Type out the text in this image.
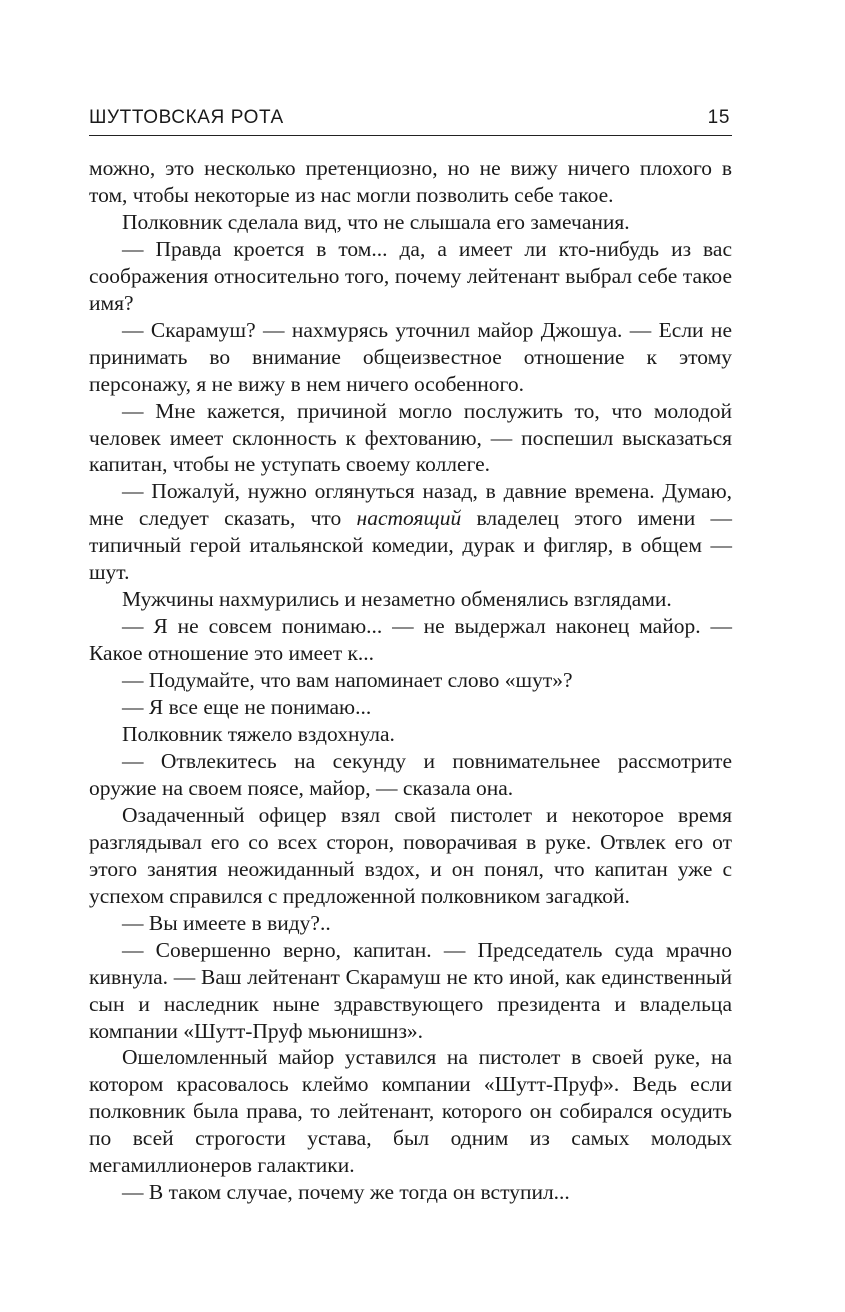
ШУТТОВСКАЯ РОТА	15

можно, это несколько претенциозно, но не вижу ничего плохого в том, чтобы некоторые из нас могли позволить себе такое.

Полковник сделала вид, что не слышала его замечания.

— Правда кроется в том... да, а имеет ли кто-нибудь из вас соображения относительно того, почему лейтенант выбрал себе такое имя?

— Скарамуш? — нахмурясь уточнил майор Джошуа. — Если не принимать во внимание общеизвестное отношение к этому персонажу, я не вижу в нем ничего особенного.

— Мне кажется, причиной могло послужить то, что молодой человек имеет склонность к фехтованию, — поспешил высказаться капитан, чтобы не уступать своему коллеге.

— Пожалуй, нужно оглянуться назад, в давние времена. Думаю, мне следует сказать, что настоящий владелец этого имени — типичный герой итальянской комедии, дурак и фигляр, в общем — шут.

Мужчины нахмурились и незаметно обменялись взглядами.

— Я не совсем понимаю... — не выдержал наконец майор. — Какое отношение это имеет к...

— Подумайте, что вам напоминает слово «шут»?

— Я все еще не понимаю...

Полковник тяжело вздохнула.

— Отвлекитесь на секунду и повнимательнее рассмотрите оружие на своем поясе, майор, — сказала она.

Озадаченный офицер взял свой пистолет и некоторое время разглядывал его со всех сторон, поворачивая в руке. Отвлек его от этого занятия неожиданный вздох, и он понял, что капитан уже с успехом справился с предложенной полковником загадкой.

— Вы имеете в виду?..

— Совершенно верно, капитан. — Председатель суда мрачно кивнула. — Ваш лейтенант Скарамуш не кто иной, как единственный сын и наследник ныне здравствующего президента и владельца компании «Шутт-Пруф мьюнишнз».

Ошеломленный майор уставился на пистолет в своей руке, на котором красовалось клеймо компании «Шутт-Пруф». Ведь если полковник была права, то лейтенант, которого он собирался осудить по всей строгости устава, был одним из самых молодых мегамиллионеров галактики.

— В таком случае, почему же тогда он вступил...
